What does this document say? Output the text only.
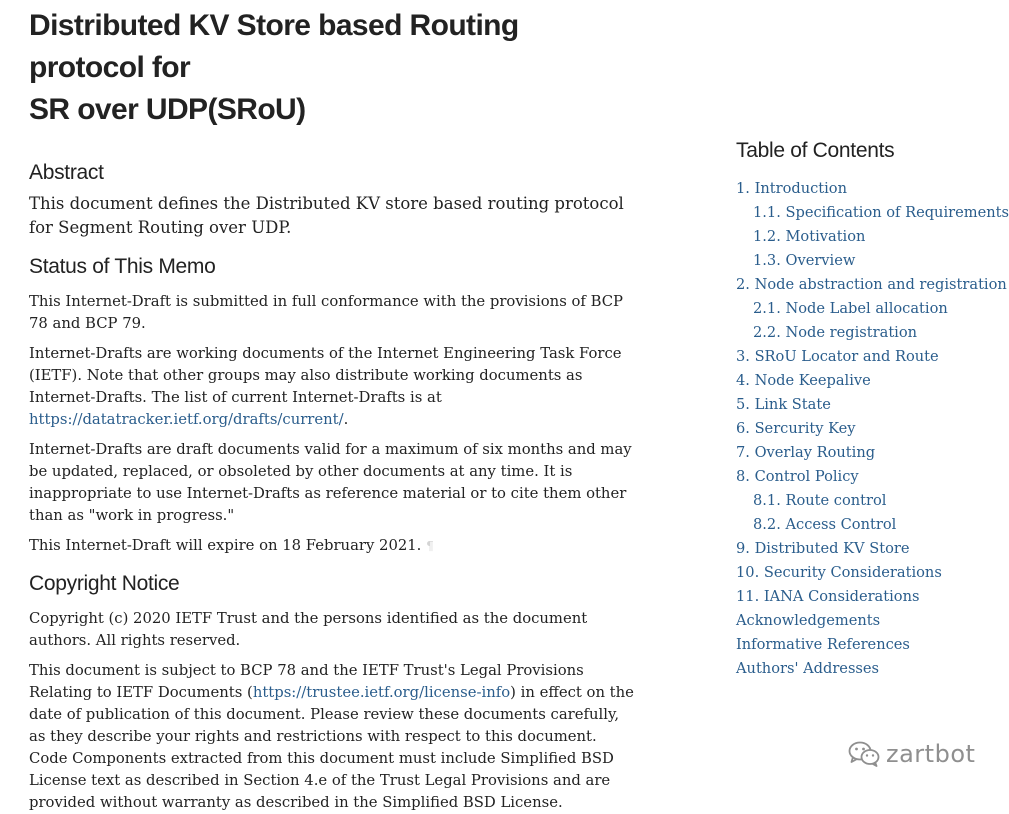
Distributed KV Store based Routing protocol for
SR over UDP(SRoU)
Abstract

This document defines the Distributed KV store based routing protocol for Segment Routing over UDP.

Status of This Memo

This Internet-Draft is submitted in full conformance with the provisions of BCP 78 and BCP 79.

Internet-Drafts are working documents of the Internet Engineering Task Force (IETF). Note that other groups may also distribute working documents as Internet-Drafts. The list of current Internet-Drafts is at https://datatracker.ietf.org/drafts/current/.

Internet-Drafts are draft documents valid for a maximum of six months and may be updated, replaced, or obsoleted by other documents at any time. It is inappropriate to use Internet-Drafts as reference material or to cite them other than as "work in progress."

This Internet-Draft will expire on 18 February 2021. ¶

Copyright Notice

Copyright (c) 2020 IETF Trust and the persons identified as the document authors. All rights reserved.

This document is subject to BCP 78 and the IETF Trust's Legal Provisions Relating to IETF Documents (https://trustee.ietf.org/license-info) in effect on the date of publication of this document. Please review these documents carefully, as they describe your rights and restrictions with respect to this document. Code Components extracted from this document must include Simplified BSD License text as described in Section 4.e of the Trust Legal Provisions and are provided without warranty as described in the Simplified BSD License.

Table of Contents
1. Introduction
1.1. Specification of Requirements
1.2. Motivation
1.3. Overview
2. Node abstraction and registration
2.1. Node Label allocation
2.2. Node registration
3. SRoU Locator and Route
4. Node Keepalive
5. Link State
6. Sercurity Key
7. Overlay Routing
8. Control Policy
8.1. Route control
8.2. Access Control
9. Distributed KV Store
10. Security Considerations
11. IANA Considerations
Acknowledgements
Informative References
Authors' Addresses
zartbot
